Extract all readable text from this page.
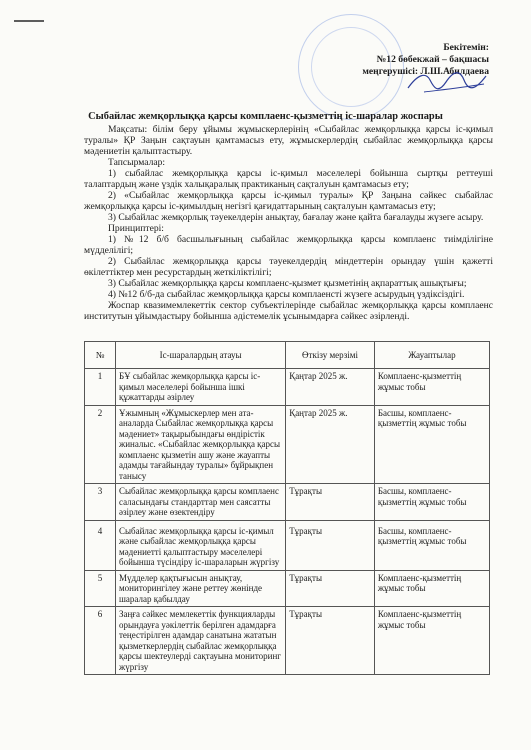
Бекітемін:
№12 бөбекжай – бақшасы
меңгерушісі: Л.Ш.Абилдаева
Сыбайлас жемқорлыққа қарсы комплаенс-қызметтің іс-шаралар жоспары

Мақсаты: білім беру ұйымы жұмыскерлерінің «Сыбайлас жемқорлыққа қарсы іс-қимыл туралы» ҚР Заңын сақтауын қамтамасыз ету, жұмыскерлердің сыбайлас жемқорлыққа қарсы мәдениетін қалыптастыру.

Тапсырмалар:

1) сыбайлас жемқорлыққа қарсы іс-қимыл мәселелері бойынша сыртқы реттеуші талаптардың және үздік халықаралық практиканың сақталуын қамтамасыз ету;

2) «Сыбайлас жемқорлыққа қарсы іс-қимыл туралы» ҚР Заңына сәйкес сыбайлас жемқорлыққа қарсы іс-қимылдың негізгі қағидаттарының сақталуын қамтамасыз ету;

3) Сыбайлас жемқорлық тәуекелдерін анықтау, бағалау және қайта бағалауды жүзеге асыру.

Принциптері:

1) №12 б/б басшылығының сыбайлас жемқорлыққа қарсы комплаенс тиімділігіне мүдделілігі;

2) Сыбайлас жемқорлыққа қарсы тәуекелдердің міндеттерін орындау үшін қажетті өкілеттіктер мен ресурстардың жеткіліктілігі;

3) Сыбайлас жемқорлыққа қарсы комплаенс-қызмет қызметінің ақпараттық ашықтығы;

4) №12 б/б-да сыбайлас жемқорлыққа қарсы комплаенсті жүзеге асырудың үздіксіздігі.

Жоспар квазимемлекеттік сектор субъектілерінде сыбайлас жемқорлыққа қарсы комплаенс институтын ұйымдастыру бойынша әдістемелік ұсынымдарға сәйкес әзірленді.

№	Іс-шаралардың атауы	Өткізу мерзімі	Жауаптылар
1	БҰ сыбайлас жемқорлыққа қарсы іс-қимыл мәселелері бойынша ішкі құжаттарды әзірлеу	Қаңтар 2025 ж.	Комплаенс-қызметтің жұмыс тобы
2	Ұжымның «Жұмыскерлер мен ата-аналарда Сыбайлас жемқорлыққа қарсы мәдениет» тақырыбындағы өндірістік жиналыс. «Сыбайлас жемқорлыққа қарсы комплаенс қызметін ашу және жауапты адамды тағайындау туралы» бұйрықпен танысу	Қаңтар 2025 ж.	Басшы, комплаенс-қызметтің жұмыс тобы
3	Сыбайлас жемқорлыққа қарсы комплаенс саласындағы стандарттар мен саясатты әзірлеу және өзектендіру	Тұрақты	Басшы, комплаенс-қызметтің жұмыс тобы
4	Сыбайлас жемқорлыққа қарсы іс-қимыл және сыбайлас жемқорлыққа қарсы мәдениетті қалыптастыру мәселелері бойынша түсіндіру іс-шараларын жүргізу	Тұрақты	Басшы, комплаенс-қызметтің жұмыс тобы
5	Мүдделер қақтығысын анықтау, мониторингілеу және реттеу жөнінде шаралар қабылдау	Тұрақты	Комплаенс-қызметтің жұмыс тобы
6	Заңға сәйкес мемлекеттік функцияларды орындауға уәкілеттік берілген адамдарға теңестірілген адамдар санатына жататын қызметкерлердің сыбайлас жемқорлыққа қарсы шектеулерді сақтауына мониторинг жүргізу	Тұрақты	Комплаенс-қызметтің жұмыс тобы
